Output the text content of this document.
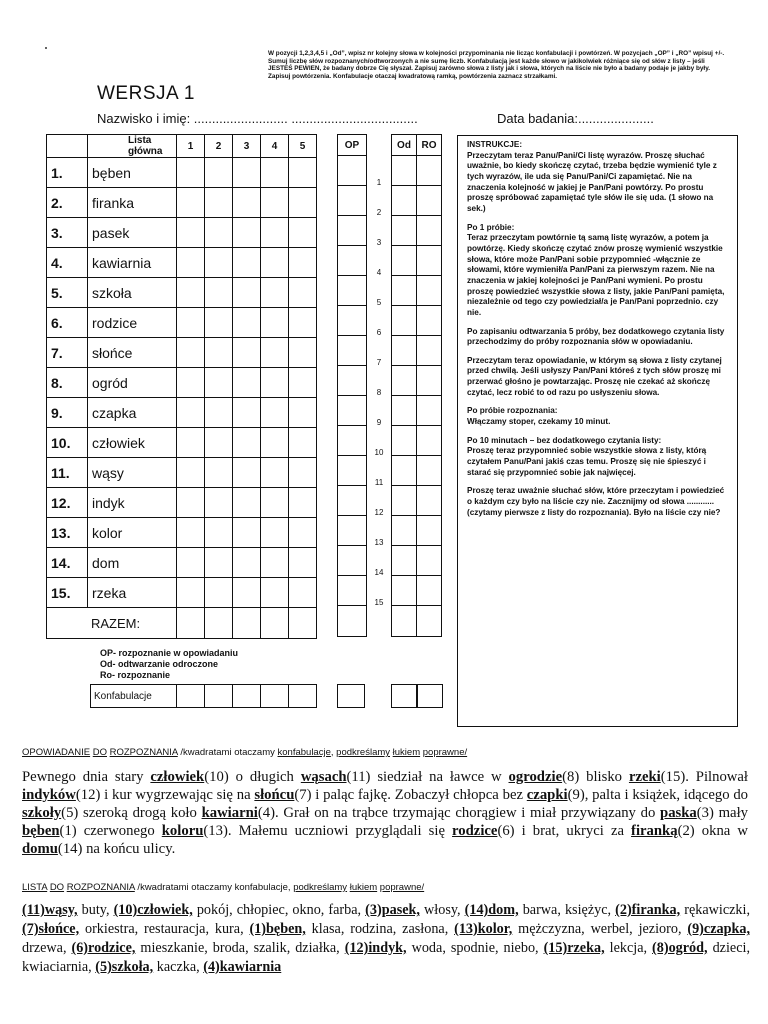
W pozycji 1,2,3,4,5 i „Od”, wpisz nr kolejny słowa w kolejności przypominania nie licząc konfabulacji i powtórzeń. W pozycjach „OP” i „RO” wpisuj +/-. Sumuj liczbę słów rozpoznanych/odtworzonych a nie sumę liczb. Konfabulacją jest każde słowo w jakikolwiek różniące się od słów z listy – jeśli JESTEŚ PEWIEN, że badany dobrze Cię słyszał. Zapisuj zarówno słowa z listy jak i słowa, których na liście nie było a badany podaje je jakby były. Zapisuj powtórzenia. Konfabulacje otaczaj kwadratową ramką, powtórzenia zaznacz strzałkami.
WERSJA 1
Nazwisko i imię: .......................... ...................................	Data badania:.....................
	Lista główna	1	2	3	4	5
1.	bęben					
2.	firanka					
3.	pasek					
4.	kawiarnia					
5.	szkoła					
6.	rodzice					
7.	słońce					
8.	ogród					
9.	czapka					
10.	człowiek					
11.	wąsy					
12.	indyk					
13.	kolor					
14.	dom					
15.	rzeka					
RAZEM:						
OP

1
2
3
4
5
6
7
8
9
10
11
12
13
14
15
Od	RO

		INSTRUKCJE:

Przeczytam teraz Panu/Pani/Ci listę wyrazów. Proszę słuchać uważnie, bo kiedy skończę czytać, trzeba będzie wymienić tyle z tych wyrazów, ile uda się Panu/Pani/Ci zapamiętać. Nie na znaczenia kolejność w jakiej je Pan/Pani powtórzy. Po prostu proszę spróbować zapamiętać tyle słów ile się uda. (1 słowo na sek.)

Po 1 próbie:

Teraz przeczytam powtórnie tą samą listę wyrazów, a potem ja powtórzę. Kiedy skończę czytać znów proszę wymienić wszystkie słowa, które może Pan/Pani sobie przypomnieć -włącznie ze słowami, które wymienił/a Pan/Pani za pierwszym razem. Nie na znaczenia w jakiej kolejności je Pan/Pani wymieni. Po prostu proszę powiedzieć wszystkie słowa z listy, jakie Pan/Pani pamięta, niezależnie od tego czy powiedział/a je Pan/Pani poprzednio. czy nie.

Po zapisaniu odtwarzania 5 próby, bez dodatkowego czytania listy przechodzimy do próby rozpoznania słów w opowiadaniu.

Przeczytam teraz opowiadanie, w którym są słowa z listy czytanej przed chwilą. Jeśli usłyszy Pan/Pani któreś z tych słów proszę mi przerwać głośno je powtarzając. Proszę nie czekać aż skończę czytać, lecz robić to od razu po usłyszeniu słowa.

Po próbie rozpoznania:

Włączamy stoper, czekamy 10 minut.

Po 10 minutach – bez dodatkowego czytania listy:

Proszę teraz przypomnieć sobie wszystkie słowa z listy, którą czytałem Panu/Pani jakiś czas temu. Proszę się nie śpieszyć i starać się przypomnieć sobie jak najwięcej.

Proszę teraz uważnie słuchać słów, które przeczytam i powiedzieć o każdym czy było na liście czy nie. Zacznijmy od słowa ............ (czytamy pierwsze z listy do rozpoznania). Było na liście czy nie?

OP- rozpoznanie w opowiadaniu
Od- odtwarzanie odroczone
Ro- rozpoznanie
Konfabulacje					
OPOWIADANIE DO ROZPOZNANIA /kwadratami otaczamy konfabulacje, podkreślamy łukiem poprawne/
Pewnego dnia stary człowiek(10) o długich wąsach(11) siedział na ławce w ogrodzie(8) blisko rzeki(15). Pilnował indyków(12) i kur wygrzewając się na słońcu(7) i paląc fajkę. Zobaczył chłopca bez czapki(9), palta i książek, idącego do szkoły(5) szeroką drogą koło kawiarni(4). Grał on na trąbce trzymając chorągiew i miał przywiązany do paska(3) mały bęben(1) czerwonego koloru(13). Małemu uczniowi przyglądali się rodzice(6) i brat, ukryci za firanką(2) okna w domu(14) na końcu ulicy.
LISTA DO ROZPOZNANIA /kwadratami otaczamy konfabulacje, podkreślamy łukiem poprawne/
(11)wąsy, buty, (10)człowiek, pokój, chłopiec, okno, farba, (3)pasek, włosy, (14)dom, barwa, księżyc, (2)firanka, rękawiczki, (7)słońce, orkiestra, restauracja, kura, (1)bęben, klasa, rodzina, zasłona, (13)kolor, mężczyzna, werbel, jezioro, (9)czapka, drzewa, (6)rodzice, mieszkanie, broda, szalik, działka, (12)indyk, woda, spodnie, niebo, (15)rzeka, lekcja, (8)ogród, dzieci, kwiaciarnia, (5)szkoła, kaczka, (4)kawiarnia
